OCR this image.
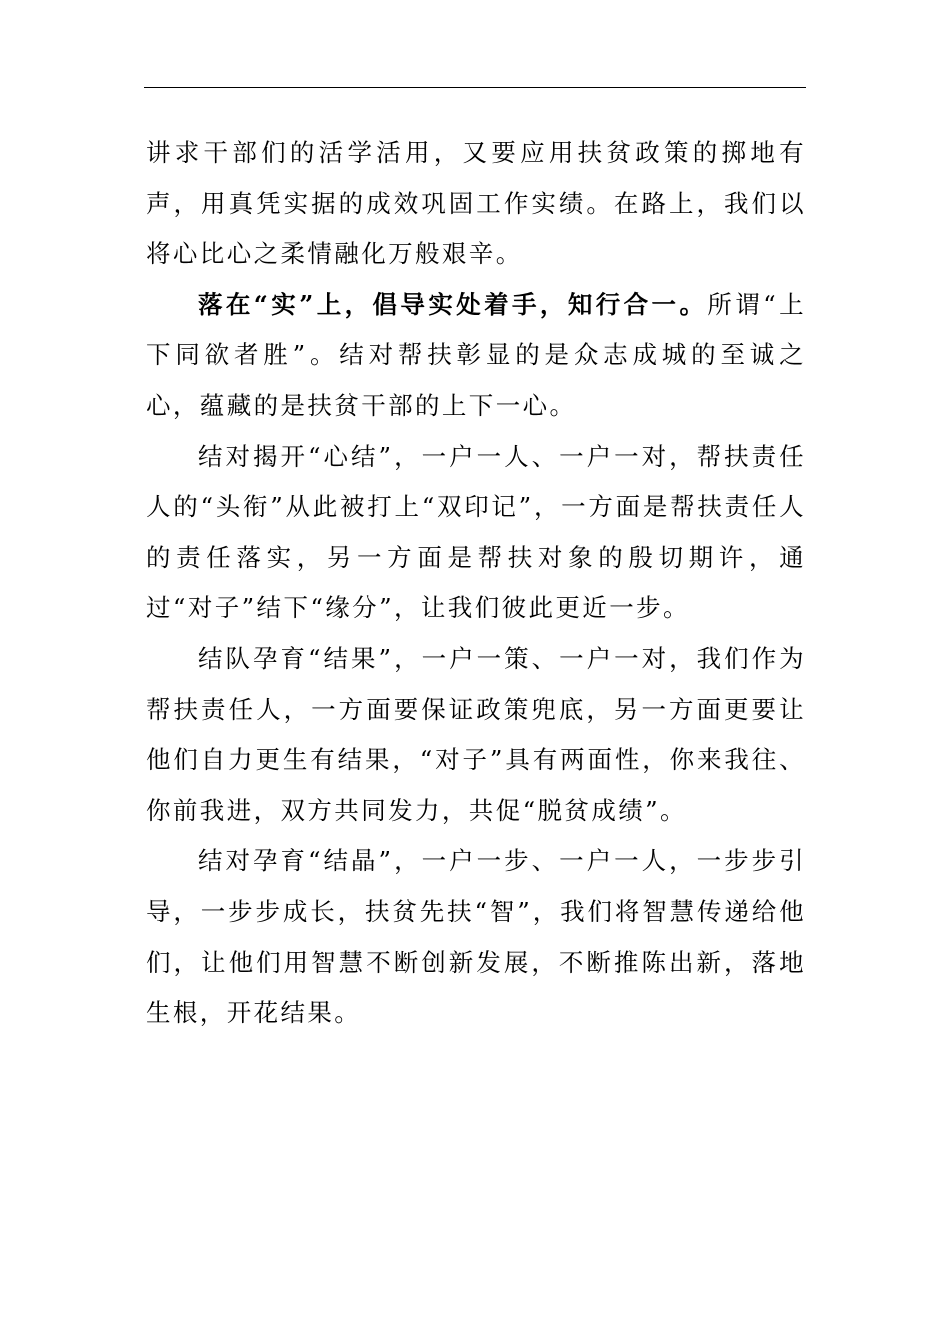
讲求干部们的活学活用，又要应用扶贫政策的掷地有声，用真凭实据的成效巩固工作实绩。在路上，我们以将心比心之柔情融化万般艰辛。

落在“实”上，倡导实处着手，知行合一。所谓“上下同欲者胜”。结对帮扶彰显的是众志成城的至诚之心，蕴藏的是扶贫干部的上下一心。

结对揭开“心结”，一户一人、一户一对，帮扶责任人的“头衔”从此被打上“双印记”，一方面是帮扶责任人的责任落实，另一方面是帮扶对象的殷切期许，通过“对子”结下“缘分”，让我们彼此更近一步。

结队孕育“结果”，一户一策、一户一对，我们作为帮扶责任人，一方面要保证政策兜底，另一方面更要让他们自力更生有结果，“对子”具有两面性，你来我往、你前我进，双方共同发力，共促“脱贫成绩”。

结对孕育“结晶”，一户一步、一户一人，一步步引导，一步步成长，扶贫先扶“智”，我们将智慧传递给他们，让他们用智慧不断创新发展，不断推陈出新，落地生根，开花结果。
